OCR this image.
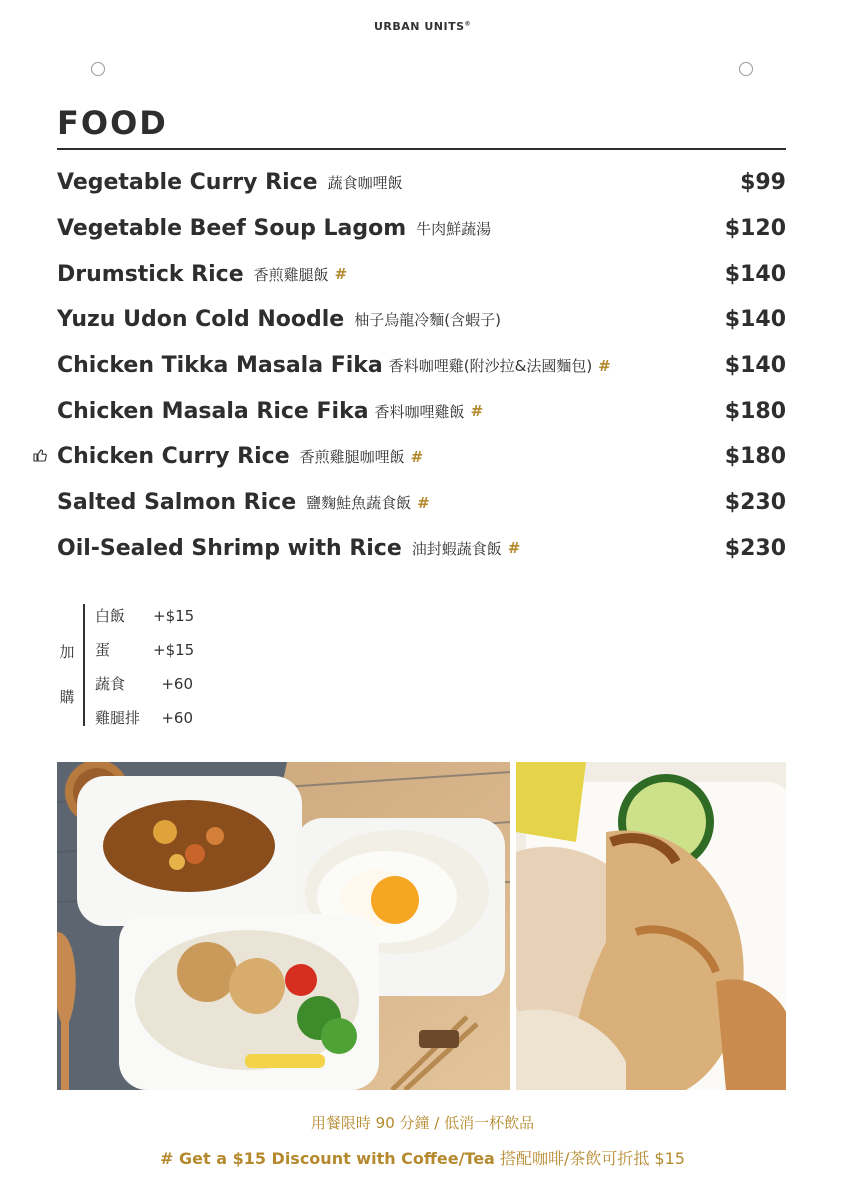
URBAN UNITS®
FOOD
Vegetable Curry Rice 蔬食咖哩飯	$99
Vegetable Beef Soup Lagom 牛肉鮮蔬湯	$120
Drumstick Rice 香煎雞腿飯 #	$140
Yuzu Udon Cold Noodle 柚子烏龍冷麵(含蝦子)	$140
Chicken Tikka Masala Fika 香料咖哩雞(附沙拉&法國麵包) #	$140
Chicken Masala Rice Fika 香料咖哩雞飯 #	$180
Chicken Curry Rice 香煎雞腿咖哩飯 #	$180
Salted Salmon Rice 鹽麴鮭魚蔬食飯 #	$230
Oil-Sealed Shrimp with Rice 油封蝦蔬食飯 #	$230
加
購
白飯 +$15
蛋	+$15
蔬食 +60
雞腿排 +60
用餐限時 90 分鐘 / 低消一杯飲品
# Get a $15 Discount with Coffee/Tea 搭配咖啡/茶飲可折抵 $15
